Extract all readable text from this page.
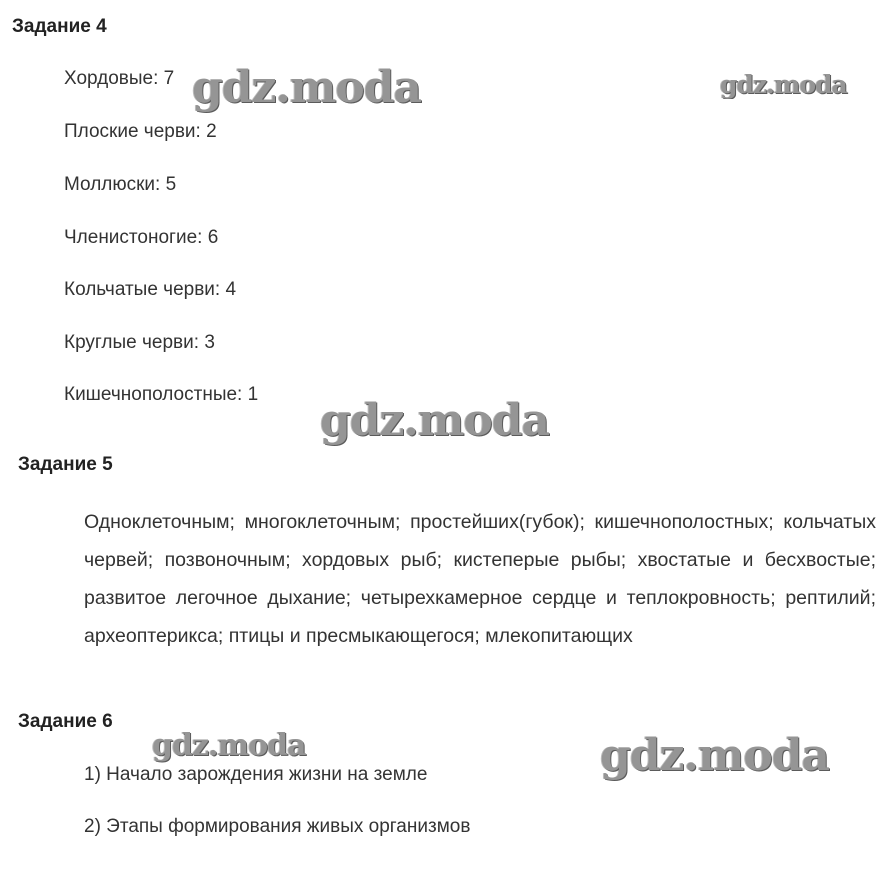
Задание 4

Хордовые: 7

Плоские черви: 2

Моллюски: 5

Членистоногие: 6

Кольчатые черви: 4

Круглые черви: 3

Кишечнополостные: 1

Задание 5

Одноклеточным; многоклеточным; простейших(губок); кишечнополостных; кольчатых червей; позвоночным; хордовых рыб; кистеперые рыбы; хвостатые и бесхвостые; развитое легочное дыхание; четырехкамерное сердце и теплокровность; рептилий; археоптерикса; птицы и пресмыкающегося; млекопитающих

Задание 6

1) Начало зарождения жизни на земле

2) Этапы формирования живых организмов

gdz.moda	gdz.moda
gdz.moda
gdz.moda	gdz.moda
